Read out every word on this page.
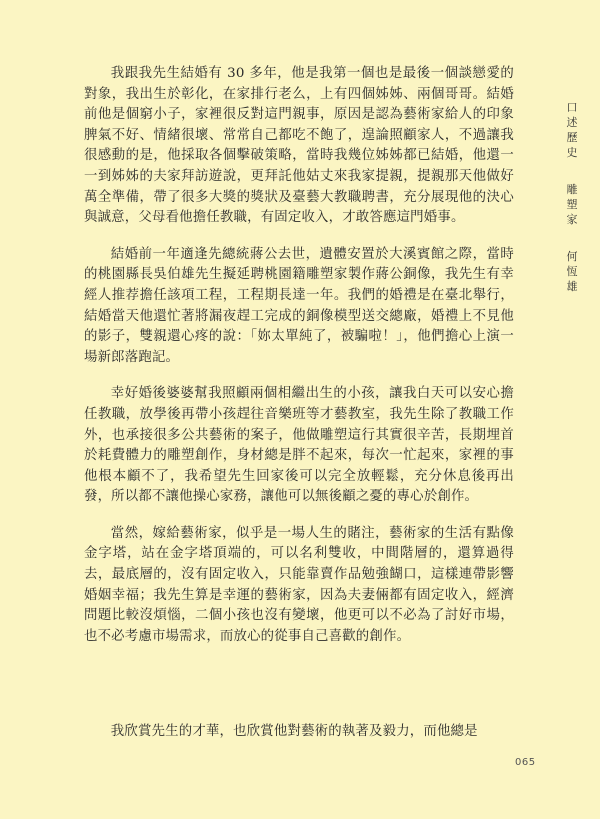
我跟我先生結婚有 30 多年，他是我第一個也是最後一個談戀愛的對象，我出生於彰化，在家排行老么，上有四個姊姊、兩個哥哥。結婚前他是個窮小子，家裡很反對這門親事，原因是認為藝術家給人的印象脾氣不好、情緒很壞、常常自己都吃不飽了，遑論照顧家人，不過讓我很感動的是，他採取各個擊破策略，當時我幾位姊姊都已結婚，他還一一到姊姊的夫家拜訪遊說，更拜託他姑丈來我家提親，提親那天他做好萬全準備，帶了很多大獎的獎狀及臺藝大教職聘書，充分展現他的決心與誠意，父母看他擔任教職，有固定收入，才敢答應這門婚事。

結婚前一年適逢先總統蔣公去世，遺體安置於大溪賓館之際，當時的桃園縣長吳伯雄先生擬延聘桃園籍雕塑家製作蔣公銅像，我先生有幸經人推荐擔任該項工程，工程期長達一年。我們的婚禮是在臺北舉行，結婚當天他還忙著將漏夜趕工完成的銅像模型送交總廠，婚禮上不見他的影子，雙親還心疼的說：「妳太單純了，被騙啦！」，他們擔心上演一場新郎落跑記。

幸好婚後婆婆幫我照顧兩個相繼出生的小孩，讓我白天可以安心擔任教職，放學後再帶小孩趕往音樂班等才藝教室，我先生除了教職工作外，也承接很多公共藝術的案子，他做雕塑這行其實很辛苦，長期埋首於耗費體力的雕塑創作，身材總是胖不起來，每次一忙起來，家裡的事他根本顧不了，我希望先生回家後可以完全放輕鬆，充分休息後再出發，所以都不讓他操心家務，讓他可以無後顧之憂的專心於創作。

當然，嫁給藝術家，似乎是一場人生的賭注，藝術家的生活有點像金字塔，站在金字塔頂端的，可以名利雙收，中間階層的，還算過得去，最底層的，沒有固定收入，只能靠賣作品勉強餬口，這樣連帶影響婚姻幸福；我先生算是幸運的藝術家，因為夫妻倆都有固定收入，經濟問題比較沒煩惱，二個小孩也沒有變壞，他更可以不必為了討好市場，也不必考慮市場需求，而放心的從事自己喜歡的創作。

我欣賞先生的才華，也欣賞他對藝術的執著及毅力，而他總是

口
述
歷
史
雕
塑
家
何
恆
雄
065
